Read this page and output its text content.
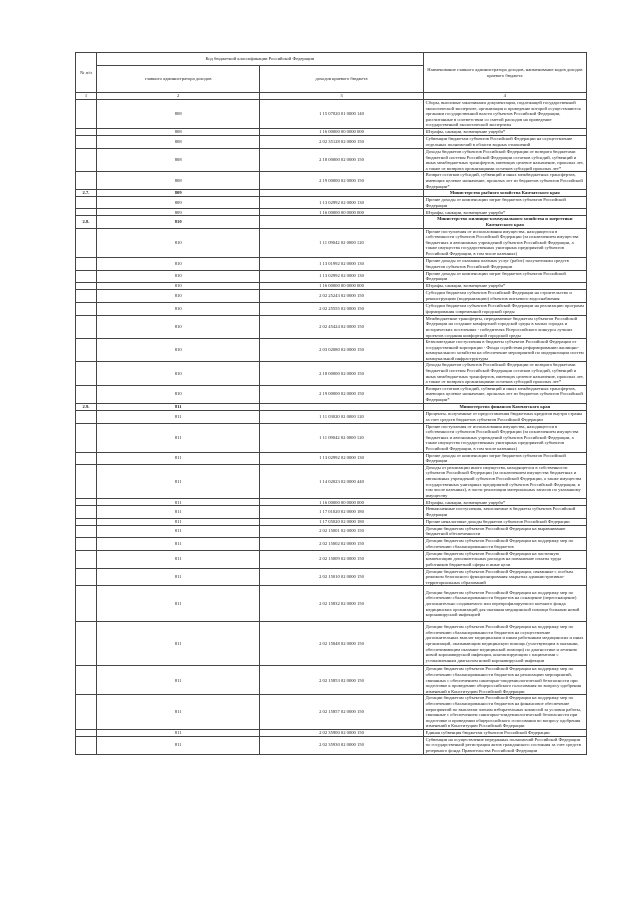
№ п/п	Код бюджетной классификации Российской Федерации		Наименование главного администратора доходов, наименование кодов доходов краевого бюджета
	главного администратора доходов	доходов краевого бюджета	
1	2	3	4
	808	1 15 07020 01 0000 140	Сборы, вносимые заказчиками документации, подлежащей государственной экологической экспертизе, организация и проведение которой осуществляются органами государственной власти субъектов Российской Федерации, рассчитанные в соответствии со сметой расходов на проведение государственной экологической экспертизы
	808	1 16 00000 00 0000 000	Штрафы, санкции, возмещение ущерба*
	808	2 02 35128 02 0000 150	Субвенции бюджетам субъектов Российской Федерации на осуществление отдельных полномочий в области водных отношений
	808	2 18 00000 02 0000 150	Доходы бюджетов субъектов Российской Федерации от возврата бюджетами бюджетной системы Российской Федерации остатков субсидий, субвенций и иных межбюджетных трансфертов, имеющих целевое назначение, прошлых лет, а также от возврата организациями остатков субсидий прошлых лет*
	808	2 19 00000 02 0000 150	Возврат остатков субсидий, субвенций и иных межбюджетных трансфертов, имеющих целевое назначение, прошлых лет из бюджетов субъектов Российской Федерации*
2.7.	809		Министерство рыбного хозяйства Камчатского края
	809	1 13 02992 02 0000 130	Прочие доходы от компенсации затрат бюджетов субъектов Российской Федерации
	809	1 16 00000 00 0000 000	Штрафы, санкции, возмещение ущерба*
2.8.	810		Министерство жилищно-коммунального хозяйства и энергетики Камчатского края
	810	1 11 09042 02 0000 120	Прочие поступления от использования имущества, находящегося в собственности субъектов Российской Федерации (за исключением имущества бюджетных и автономных учреждений субъектов Российской Федерации, а также имущества государственных унитарных предприятий субъектов Российской Федерации, в том числе казенных)
	810	1 13 01992 02 0000 130	Прочие доходы от оказания платных услуг (работ) получателями средств бюджетов субъектов Российской Федерации
	810	1 13 02992 02 0000 130	Прочие доходы от компенсации затрат бюджетов субъектов Российской Федерации
	810	1 16 00000 00 0000 000	Штрафы, санкции, возмещение ущерба*
	810	2 02 25243 02 0000 150	Субсидии бюджетам субъектов Российской Федерации на строительство и реконструкцию (модернизацию) объектов питьевого водоснабжения
	810	2 02 25555 02 0000 150	Субсидии бюджетам субъектов Российской Федерации на реализацию программ формирования современной городской среды
	810	2 02 45424 02 0000 150	Межбюджетные трансферты, передаваемые бюджетам субъектов Российской Федерации на создание комфортной городской среды в малых городах и исторических поселениях - победителях Всероссийского конкурса лучших проектов создания комфортной городской среды
	810	2 03 02080 02 0000 150	Безвозмездные поступления в бюджеты субъектов Российской Федерации от государственной корпорации - Фонда содействия реформированию жилищно-коммунального хозяйства на обеспечение мероприятий по модернизации систем коммунальной инфраструктуры
	810	2 18 00000 02 0000 150	Доходы бюджетов субъектов Российской Федерации от возврата бюджетами бюджетной системы Российской Федерации остатков субсидий, субвенций и иных межбюджетных трансфертов, имеющих целевое назначение, прошлых лет, а также от возврата организациями остатков субсидий прошлых лет*
	810	2 19 00000 02 0000 150	Возврат остатков субсидий, субвенций и иных межбюджетных трансфертов, имеющих целевое назначение, прошлых лет из бюджетов субъектов Российской Федерации*
2.9.	811		Министерство финансов Камчатского края
	811	1 11 03020 02 0000 120	Проценты, полученные от предоставления бюджетных кредитов внутри страны за счет средств бюджетов субъектов Российской Федерации
	811	1 11 09042 02 0000 120	Прочие поступления от использования имущества, находящегося в собственности субъектов Российской Федерации (за исключением имущества бюджетных и автономных учреждений субъектов Российской Федерации, а также имущества государственных унитарных предприятий субъектов Российской Федерации, в том числе казенных)
	811	1 13 02992 02 0000 130	Прочие доходы от компенсации затрат бюджетов субъектов Российской Федерации
	811	1 14 02023 02 0000 440	Доходы от реализации иного имущества, находящегося в собственности субъектов Российской Федерации (за исключением имущества бюджетных и автономных учреждений субъектов Российской Федерации, а также имущества государственных унитарных предприятий субъектов Российской Федерации, в том числе казенных), в части реализации материальных запасов по указанному имуществу
	811	1 16 00000 00 0000 000	Штрафы, санкции, возмещение ущерба*
	811	1 17 01020 02 0000 180	Невыясненные поступления, зачисляемые в бюджеты субъектов Российской Федерации
	811	1 17 05020 02 0000 180	Прочие неналоговые доходы бюджетов субъектов Российской Федерации
	811	2 02 15001 02 0000 150	Дотации бюджетам субъектов Российской Федерации на выравнивание бюджетной обеспеченности
	811	2 02 15002 02 0000 150	Дотации бюджетам субъектов Российской Федерации на поддержку мер по обеспечению сбалансированности бюджетов
	811	2 02 15009 02 0000 150	Дотации бюджетам субъектов Российской Федерации на частичную компенсацию дополнительных расходов на повышение оплаты труда работников бюджетной сферы и иные цели
	811	2 02 15010 02 0000 150	Дотации бюджетам субъектов Российской Федерации, связанные с особым режимом безопасного функционирования закрытых административно-территориальных образований
	811	2 02 15832 02 0000 150	Дотации бюджетам субъектов Российской Федерации на поддержку мер по обеспечению сбалансированности бюджетов на оснащение (переоснащение) дополнительно создаваемого или перепрофилируемого коечного фонда медицинских организаций для оказания медицинской помощи больным новой коронавирусной инфекцией
	811	2 02 15848 02 0000 150	Дотации бюджетам субъектов Российской Федерации на поддержку мер по обеспечению сбалансированности бюджетов на осуществление дополнительных выплат медицинским и иным работникам медицинских и иных организаций, оказывающим медицинскую помощь (участвующим в оказании, обеспечивающим оказание медицинской помощи) по диагностике и лечению новой коронавирусной инфекции, контактирующим с пациентами с установленным диагнозом новой коронавирусной инфекции
	811	2 02 15853 02 0000 150	Дотации бюджетам субъектов Российской Федерации на поддержку мер по обеспечению сбалансированности бюджетов на реализацию мероприятий, связанных с обеспечением санитарно-эпидемиологической безопасности при подготовке к проведению общероссийского голосования по вопросу одобрения изменений в Конституцию Российской Федерации
	811	2 02 15857 02 0000 150	Дотации бюджетам субъектов Российской Федерации на поддержку мер по обеспечению сбалансированности бюджетов на финансовое обеспечение мероприятий по выплатам членам избирательных комиссий за условия работы, связанные с обеспечением санитарно-эпидемиологической безопасности при подготовке и проведении общероссийского голосования по вопросу одобрения изменений в Конституцию Российской Федерации
	811	2 02 35900 02 0000 150	Единая субвенция бюджетам субъектов Российской Федерации
	811	2 02 35930 02 0000 150	Субвенции на осуществление переданных полномочий Российской Федерации по государственной регистрации актов гражданского состояния за счет средств резервного фонда Правительства Российской Федерации
